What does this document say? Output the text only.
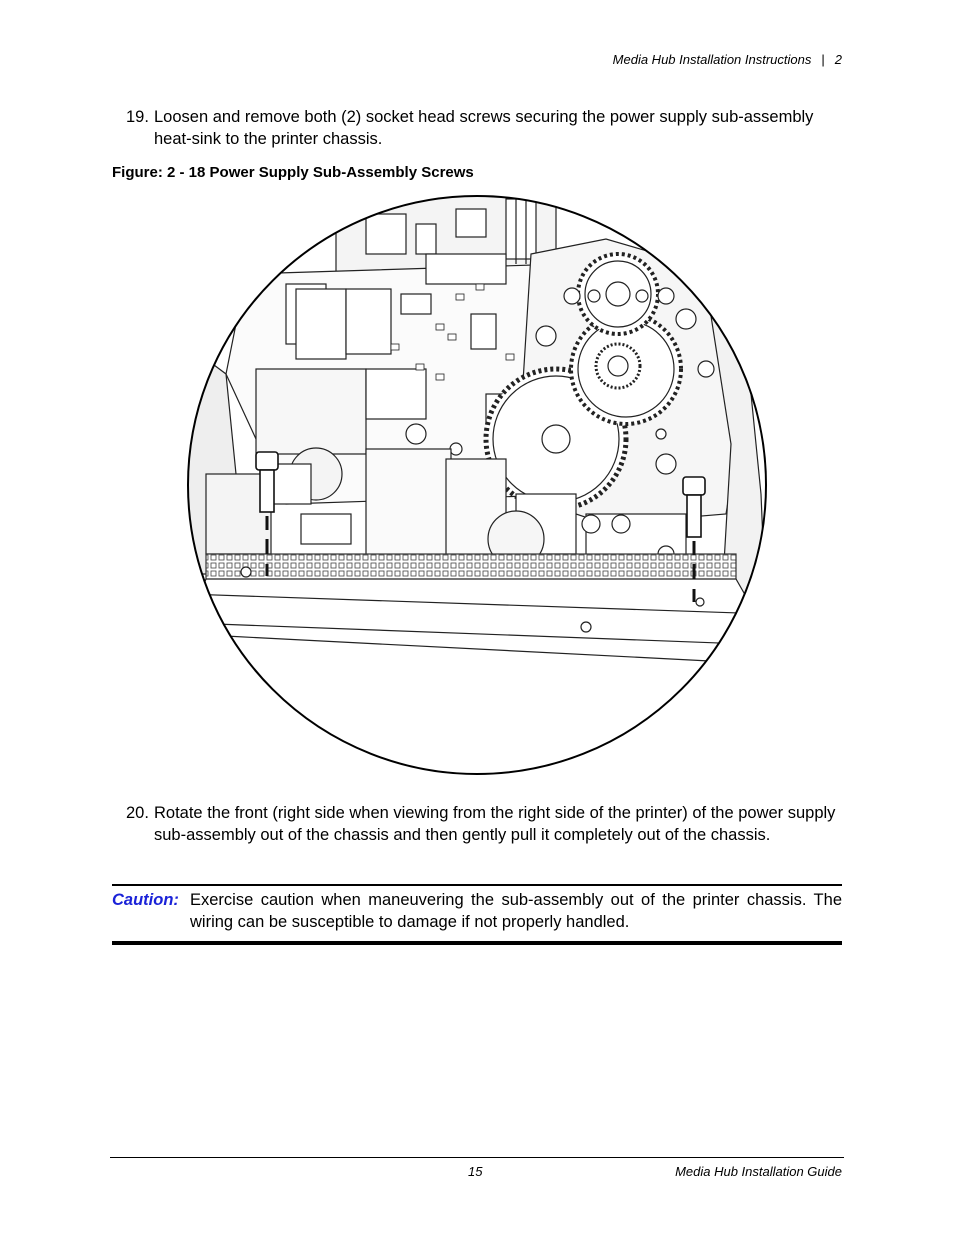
Media Hub Installation Instructions | 2
19. Loosen and remove both (2) socket head screws securing the power supply sub-assembly heat-sink to the printer chassis.
Figure: 2 - 18 Power Supply Sub-Assembly Screws
20. Rotate the front (right side when viewing from the right side of the printer) of the power supply sub-assembly out of the chassis and then gently pull it completely out of the chassis.
Caution: Exercise caution when maneuvering the sub-assembly out of the printer chassis. The wiring can be susceptible to damage if not properly handled.
15	Media Hub Installation Guide
